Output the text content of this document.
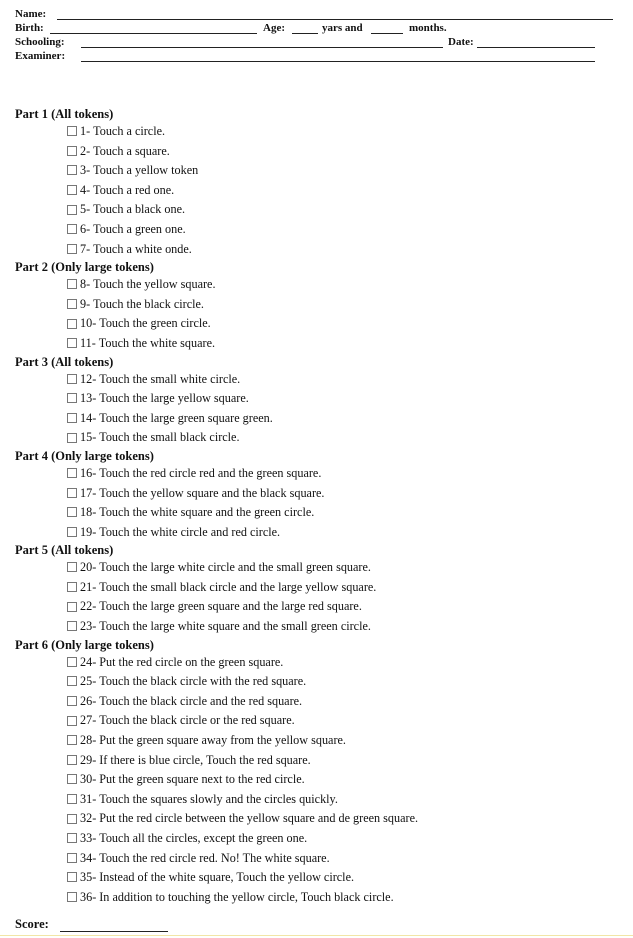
Name:
Birth:	Age:	yars and	months.
Schooling:	Date:
Examiner:
Part 1 (All tokens)
1- Touch a circle.
2- Touch a square.
3- Touch a yellow token
4- Touch a red one.
5- Touch a black one.
6- Touch a green one.
7- Touch a white onde.
Part 2 (Only large tokens)
8- Touch the yellow square.
9- Touch the black circle.
10- Touch the green circle.
11- Touch the white square.
Part 3 (All tokens)
12- Touch the small white circle.
13- Touch the large yellow square.
14- Touch the large green square green.
15- Touch the small black circle.
Part 4 (Only large tokens)
16- Touch the red circle red and the green square.
17- Touch the yellow square and the black square.
18- Touch the white square and the green circle.
19- Touch the white circle and red circle.
Part 5 (All tokens)
20- Touch the large white circle and the small green square.
21- Touch the small black circle and the large yellow square.
22- Touch the large green square and the large red square.
23- Touch the large white square and the small green circle.
Part 6 (Only large tokens)
24- Put the red circle on the green square.
25- Touch the black circle with the red square.
26- Touch the black circle and the red square.
27- Touch the black circle or the red square.
28- Put the green square away from the yellow square.
29- If there is blue circle, Touch the red square.
30- Put the green square next to the red circle.
31- Touch the squares slowly and the circles quickly.
32- Put the red circle between the yellow square and de green square.
33- Touch all the circles, except the green one.
34- Touch the red circle red. No! The white square.
35- Instead of the white square, Touch the yellow circle.
36- In addition to touching the yellow circle, Touch black circle.
Score:
